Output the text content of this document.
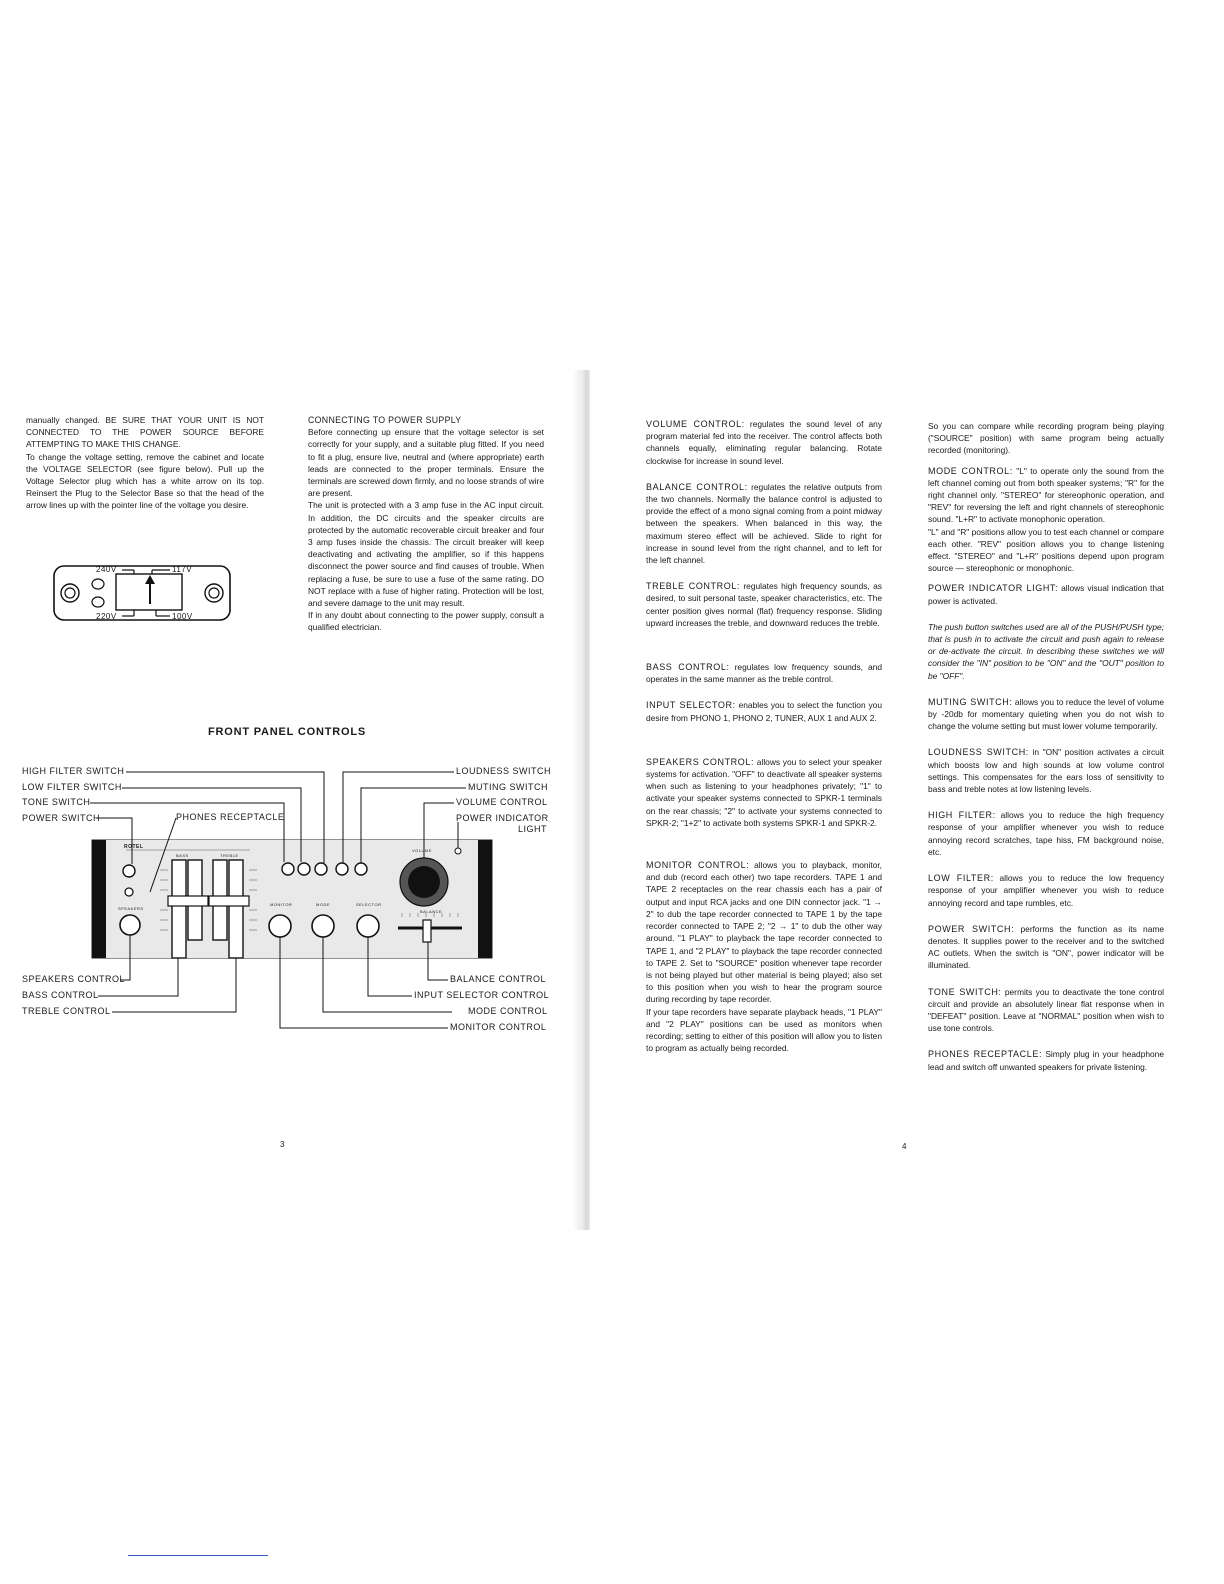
manually changed. BE SURE THAT YOUR UNIT IS NOT CONNECTED TO THE POWER SOURCE BEFORE ATTEMPTING TO MAKE THIS CHANGE.

To change the voltage setting, remove the cabinet and locate the VOLTAGE SELECTOR (see figure below). Pull up the Voltage Selector plug which has a white arrow on its top. Reinsert the Plug to the Selector Base so that the head of the arrow lines up with the pointer line of the voltage you desire.

240V	117V
220V	100V

CONNECTING TO POWER SUPPLY

Before connecting up ensure that the voltage selector is set correctly for your supply, and a suitable plug fitted. If you need to fit a plug, ensure live, neutral and (where appropriate) earth leads are connected to the proper terminals. Ensure the terminals are screwed down firmly, and no loose strands of wire are present.

The unit is protected with a 3 amp fuse in the AC input circuit. In addition, the DC circuits and the speaker circuits are protected by the automatic recoverable circuit breaker and four 3 amp fuses inside the chassis. The circuit breaker will keep deactivating and activating the amplifier, so if this happens disconnect the power source and find causes of trouble. When replacing a fuse, be sure to use a fuse of the same rating. DO NOT replace with a fuse of higher rating. Protection will be lost, and severe damage to the unit may result.

If in any doubt about connecting to the power supply, consult a qualified electrician.

FRONT PANEL CONTROLS
HIGH FILTER SWITCH
LOW FILTER SWITCH
TONE SWITCH
POWER SWITCH	PHONES RECEPTACLE
LOUDNESS SWITCH
MUTING SWITCH
VOLUME CONTROL
POWER INDICATOR
LIGHT
SPEAKERS CONTROL
BASS CONTROL
TREBLE CONTROL
BALANCE CONTROL
INPUT SELECTOR CONTROL
MODE CONTROL
MONITOR CONTROL
ROTEL
BASS	TREBLE
VOLUME
SPEAKERS
MONITOR	MODE	SELECTOR
BALANCE
3

VOLUME CONTROL: regulates the sound level of any program material fed into the receiver. The control affects both channels equally, eliminating regular balancing. Rotate clockwise for increase in sound level.

BALANCE CONTROL: regulates the relative outputs from the two channels. Normally the balance control is adjusted to provide the effect of a mono signal coming from a point midway between the speakers. When balanced in this way, the maximum stereo effect will be achieved. Slide to right for increase in sound level from the right channel, and to left for the left channel.

TREBLE CONTROL: regulates high frequency sounds, as desired, to suit personal taste, speaker characteristics, etc. The center position gives normal (flat) frequency response. Sliding upward increases the treble, and downward reduces the treble.

BASS CONTROL: regulates low frequency sounds, and operates in the same manner as the treble control.

INPUT SELECTOR: enables you to select the function you desire from PHONO 1, PHONO 2, TUNER, AUX 1 and AUX 2.

SPEAKERS CONTROL: allows you to select your speaker systems for activation. "OFF" to deactivate all speaker systems when such as listening to your headphones privately; "1" to activate your speaker systems connected to SPKR-1 terminals on the rear chassis; "2" to activate your systems connected to SPKR-2; "1+2" to activate both systems SPKR-1 and SPKR-2.

MONITOR CONTROL: allows you to playback, monitor, and dub (record each other) two tape recorders. TAPE 1 and TAPE 2 receptacles on the rear chassis each has a pair of output and input RCA jacks and one DIN connector jack. "1 → 2" to dub the tape recorder connected to TAPE 1 by the tape recorder connected to TAPE 2; "2 → 1" to dub the other way around. "1 PLAY" to playback the tape recorder connected to TAPE 1, and "2 PLAY" to playback the tape recorder connected to TAPE 2. Set to "SOURCE" position whenever tape recorder is not being played but other material is being played; also set to this position when you wish to hear the program source during recording by tape recorder.

If your tape recorders have separate playback heads, "1 PLAY" and "2 PLAY" positions can be used as monitors when recording; setting to either of this position will allow you to listen to program as actually being recorded.

So you can compare while recording program being playing ("SOURCE" position) with same program being actually recorded (monitoring).

MODE CONTROL: "L" to operate only the sound from the left channel coming out from both speaker systems; "R" for the right channel only. "STEREO" for stereophonic operation, and "REV" for reversing the left and right channels of stereophonic sound. "L+R" to activate monophonic operation.

"L" and "R" positions allow you to test each channel or compare each other. "REV" position allows you to change listening effect. "STEREO" and "L+R" positions depend upon program source — stereophonic or monophonic.

POWER INDICATOR LIGHT: allows visual indication that power is activated.

The push button switches used are all of the PUSH/PUSH type; that is push in to activate the circuit and push again to release or de-activate the circuit. In describing these switches we will consider the "IN" position to be "ON" and the "OUT" position to be "OFF".

MUTING SWITCH: allows you to reduce the level of volume by -20db for momentary quieting when you do not wish to change the volume setting but must lower volume temporarily.

LOUDNESS SWITCH: in "ON" position activates a circuit which boosts low and high sounds at low volume control settings. This compensates for the ears loss of sensitivity to bass and treble notes at low listening levels.

HIGH FILTER: allows you to reduce the high frequency response of your amplifier whenever you wish to reduce annoying record scratches, tape hiss, FM background noise, etc.

LOW FILTER: allows you to reduce the low frequency response of your amplifier whenever you wish to reduce annoying record and tape rumbles, etc.

POWER SWITCH: performs the function as its name denotes. It supplies power to the receiver and to the switched AC outlets. When the switch is "ON", power indicator will be illuminated.

TONE SWITCH: permits you to deactivate the tone control circuit and provide an absolutely linear flat response when in "DEFEAT" position. Leave at "NORMAL" position when wish to use tone controls.

PHONES RECEPTACLE: Simply plug in your headphone lead and switch off unwanted speakers for private listening.

4
